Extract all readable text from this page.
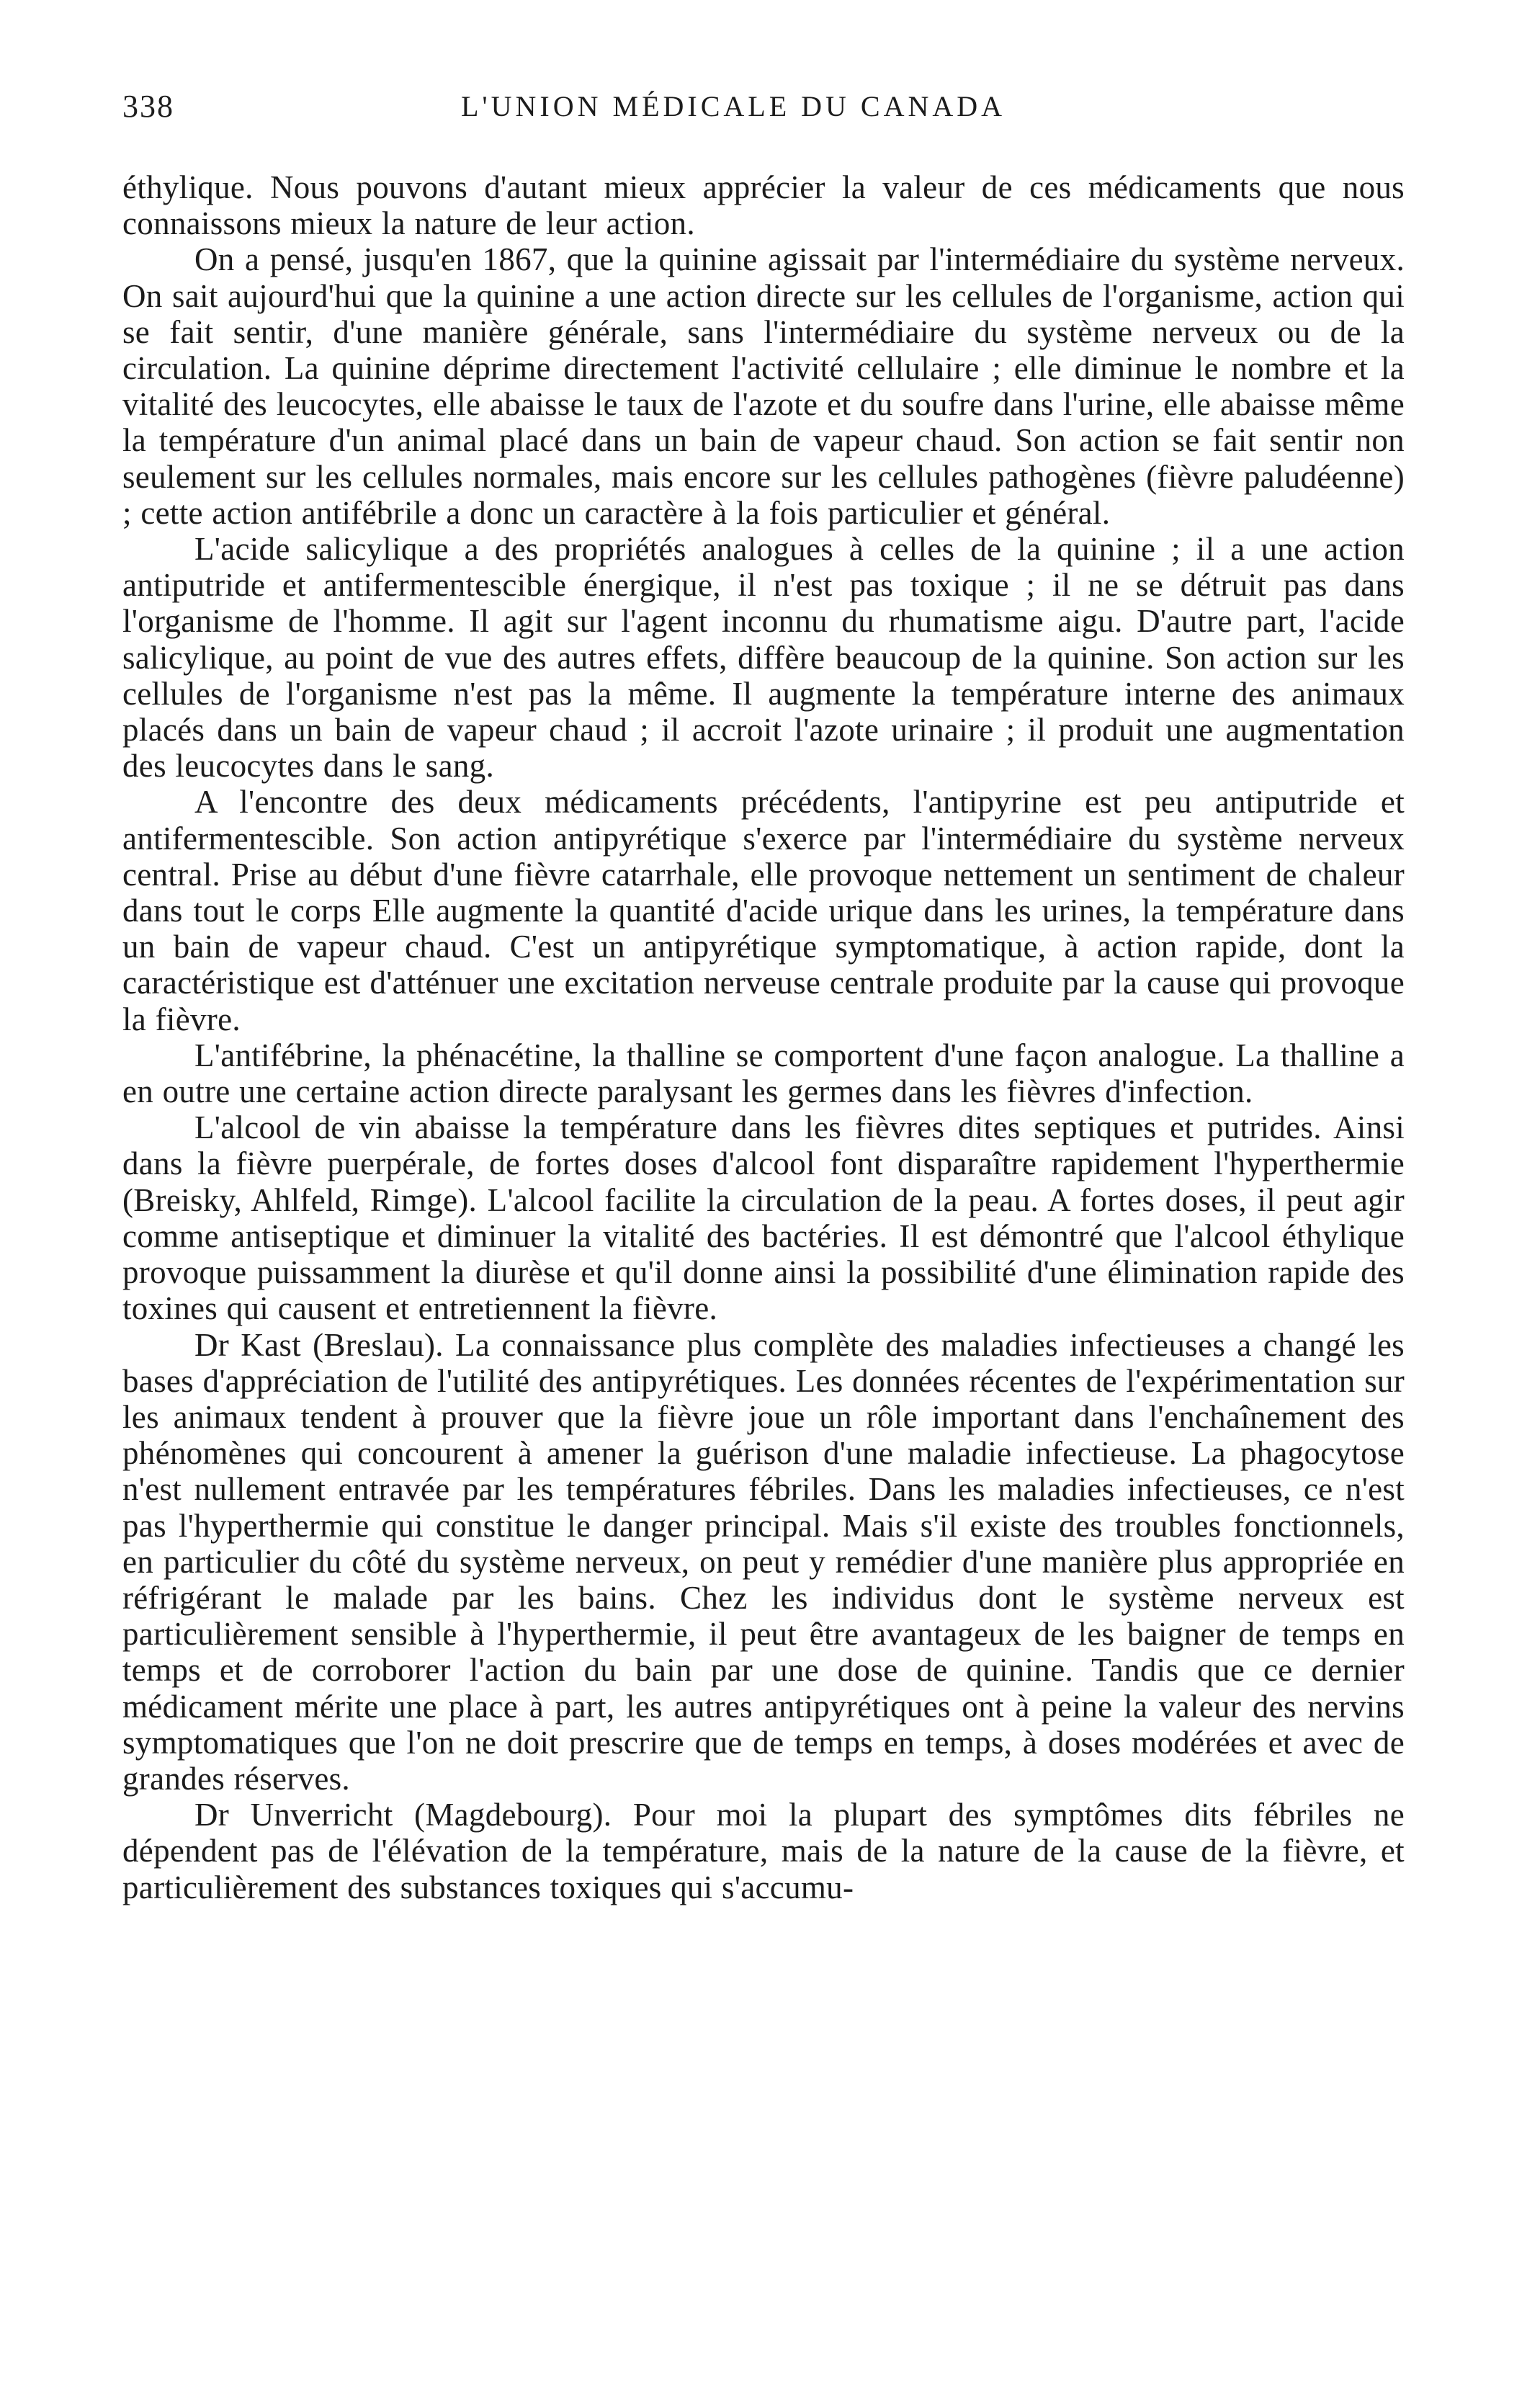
338	L'UNION MÉDICALE DU CANADA

éthylique. Nous pouvons d'autant mieux apprécier la valeur de ces médicaments que nous connaissons mieux la nature de leur action.

On a pensé, jusqu'en 1867, que la quinine agissait par l'intermédiaire du système nerveux. On sait aujourd'hui que la quinine a une action directe sur les cellules de l'organisme, action qui se fait sentir, d'une manière générale, sans l'intermédiaire du système nerveux ou de la circulation. La quinine déprime directement l'activité cellulaire ; elle diminue le nombre et la vitalité des leucocytes, elle abaisse le taux de l'azote et du soufre dans l'urine, elle abaisse même la température d'un animal placé dans un bain de vapeur chaud. Son action se fait sentir non seulement sur les cellules normales, mais encore sur les cellules pathogènes (fièvre paludéenne) ; cette action antifébrile a donc un caractère à la fois particulier et général.

L'acide salicylique a des propriétés analogues à celles de la quinine ; il a une action antiputride et antifermentescible énergique, il n'est pas toxique ; il ne se détruit pas dans l'organisme de l'homme. Il agit sur l'agent inconnu du rhumatisme aigu. D'autre part, l'acide salicylique, au point de vue des autres effets, diffère beaucoup de la quinine. Son action sur les cellules de l'organisme n'est pas la même. Il augmente la température interne des animaux placés dans un bain de vapeur chaud ; il accroit l'azote urinaire ; il produit une augmentation des leucocytes dans le sang.

A l'encontre des deux médicaments précédents, l'antipyrine est peu antiputride et antifermentescible. Son action antipyrétique s'exerce par l'intermédiaire du système nerveux central. Prise au début d'une fièvre catarrhale, elle provoque nettement un sentiment de chaleur dans tout le corps Elle augmente la quantité d'acide urique dans les urines, la température dans un bain de vapeur chaud. C'est un antipyrétique symptomatique, à action rapide, dont la caractéristique est d'atténuer une excitation nerveuse centrale produite par la cause qui provoque la fièvre.

L'antifébrine, la phénacétine, la thalline se comportent d'une façon analogue. La thalline a en outre une certaine action directe paralysant les germes dans les fièvres d'infection.

L'alcool de vin abaisse la température dans les fièvres dites septiques et putrides. Ainsi dans la fièvre puerpérale, de fortes doses d'alcool font disparaître rapidement l'hyperthermie (Breisky, Ahlfeld, Rimge). L'alcool facilite la circulation de la peau. A fortes doses, il peut agir comme antiseptique et diminuer la vitalité des bactéries. Il est démontré que l'alcool éthylique provoque puissamment la diurèse et qu'il donne ainsi la possibilité d'une élimination rapide des toxines qui causent et entretiennent la fièvre.

Dr Kast (Breslau). La connaissance plus complète des maladies infectieuses a changé les bases d'appréciation de l'utilité des antipyrétiques. Les données récentes de l'expérimentation sur les animaux tendent à prouver que la fièvre joue un rôle important dans l'enchaînement des phénomènes qui concourent à amener la guérison d'une maladie infectieuse. La phagocytose n'est nullement entravée par les températures fébriles. Dans les maladies infectieuses, ce n'est pas l'hyperthermie qui constitue le danger principal. Mais s'il existe des troubles fonctionnels, en particulier du côté du système nerveux, on peut y remédier d'une manière plus appropriée en réfrigérant le malade par les bains. Chez les individus dont le système nerveux est particulièrement sensible à l'hyperthermie, il peut être avantageux de les baigner de temps en temps et de corroborer l'action du bain par une dose de quinine. Tandis que ce dernier médicament mérite une place à part, les autres antipyrétiques ont à peine la valeur des nervins symptomatiques que l'on ne doit prescrire que de temps en temps, à doses modérées et avec de grandes réserves.

Dr Unverricht (Magdebourg). Pour moi la plupart des symptômes dits fébriles ne dépendent pas de l'élévation de la température, mais de la nature de la cause de la fièvre, et particulièrement des substances toxiques qui s'accumu-
